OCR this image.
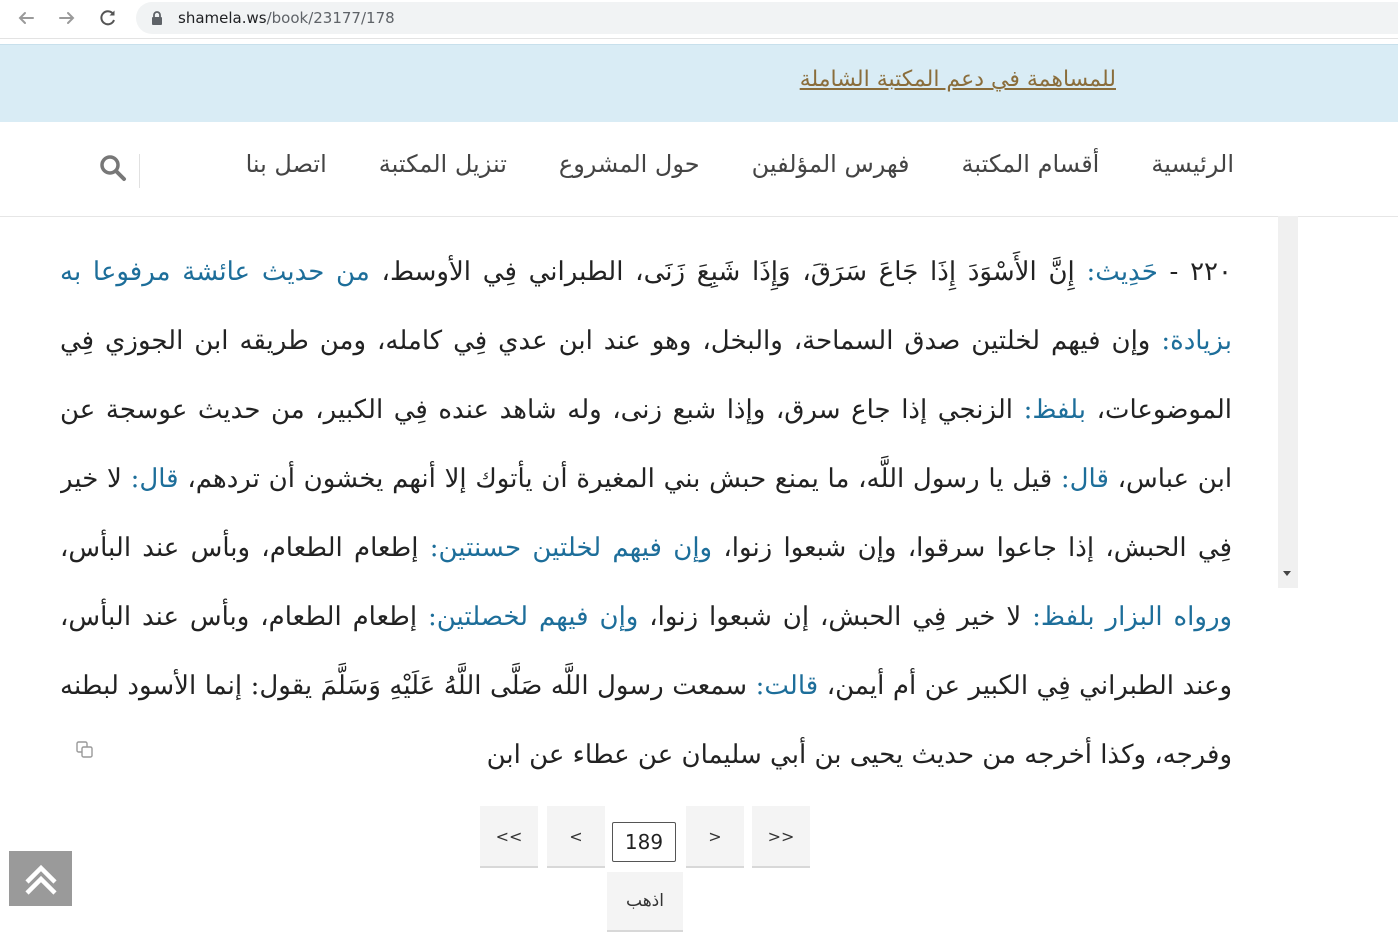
shamela.ws/book/23177/178
للمساهمة في دعم المكتبة الشاملة
الرئيسية
أقسام المكتبة
فهرس المؤلفين
حول المشروع
تنزيل المكتبة
اتصل بنا
٢٢٠ - حَدِيث: إِنَّ الأَسْوَدَ إِذَا جَاعَ سَرَقَ، وَإِذَا شَبِعَ زَنَى، الطبراني فِي الأوسط، من حديث عائشة مرفوعا به بزيادة: وإن فيهم لخلتين صدق السماحة، والبخل، وهو عند ابن عدي فِي كامله، ومن طريقه ابن الجوزي فِي الموضوعات، بلفظ: الزنجي إذا جاع سرق، وإذا شبع زنى، وله شاهد عنده فِي الكبير، من حديث عوسجة عن ابن عباس، قال: قيل يا رسول اللَّه، ما يمنع حبش بني المغيرة أن يأتوك إلا أنهم يخشون أن تردهم، قال: لا خير فِي الحبش، إذا جاعوا سرقوا، وإن شبعوا زنوا، وإن فيهم لخلتين حسنتين: إطعام الطعام، وبأس عند البأس، ورواه البزار بلفظ: لا خير فِي الحبش، إن شبعوا زنوا، وإن فيهم لخصلتين: إطعام الطعام، وبأس عند البأس، وعند الطبراني فِي الكبير عن أم أيمن، قالت: سمعت رسول اللَّه صَلَّى اللَّهُ عَلَيْهِ وَسَلَّمَ يقول: إنما الأسود لبطنه وفرجه، وكذا أخرجه من حديث يحيى بن أبي سليمان عن عطاء عن ابن
<<	<
189	>	>>
اذهب
